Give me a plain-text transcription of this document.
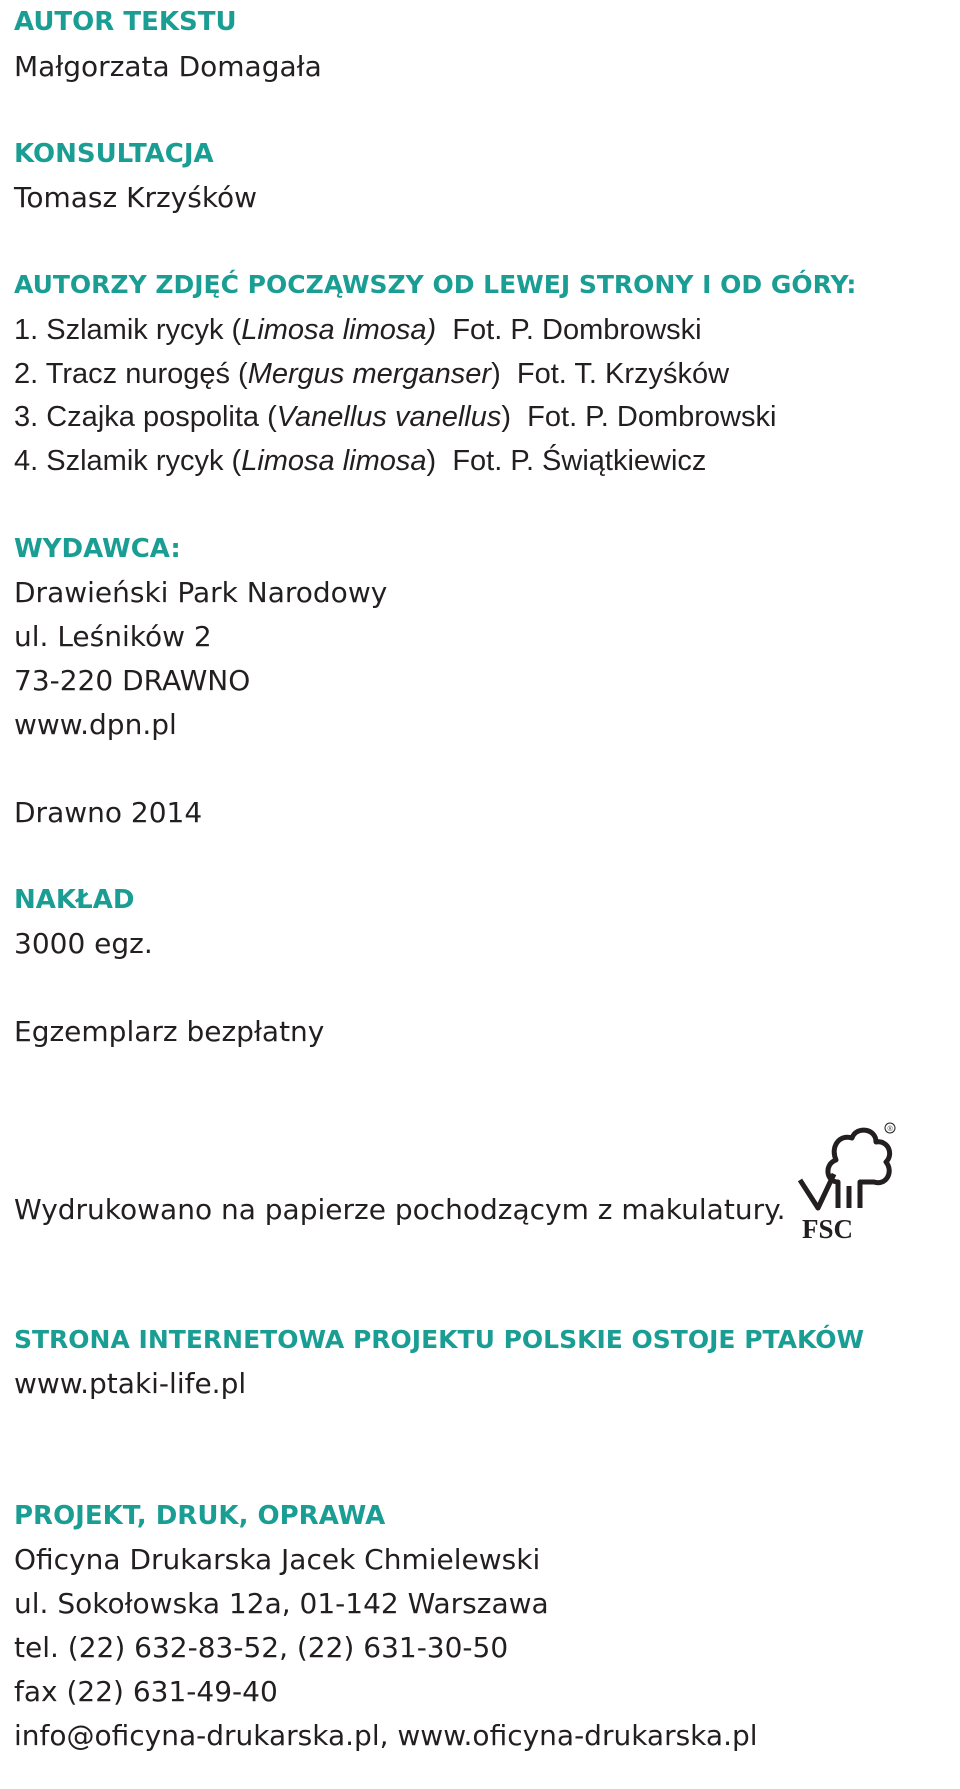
AUTOR TEKSTU
Małgorzata Domagała
KONSULTACJA
Tomasz Krzyśków
AUTORZY ZDJĘĆ POCZĄWSZY OD LEWEJ STRONY I OD GÓRY:
1. Szlamik rycyk (Limosa limosa) Fot. P. Dombrowski
2. Tracz nurogęś (Mergus merganser) Fot. T. Krzyśków
3. Czajka pospolita (Vanellus vanellus) Fot. P. Dombrowski
4. Szlamik rycyk (Limosa limosa) Fot. P. Świątkiewicz
WYDAWCA:
Drawieński Park Narodowy
ul. Leśników 2
73-220 DRAWNO
www.dpn.pl
Drawno 2014
NAKŁAD
3000 egz.
Egzemplarz bezpłatny
Wydrukowano na papierze pochodzącym z makulatury.
FSC
®
STRONA INTERNETOWA PROJEKTU POLSKIE OSTOJE PTAKÓW
www.ptaki-life.pl
PROJEKT, DRUK, OPRAWA
Oficyna Drukarska Jacek Chmielewski
ul. Sokołowska 12a, 01-142 Warszawa
tel. (22) 632-83-52, (22) 631-30-50
fax (22) 631-49-40
info@oficyna-drukarska.pl, www.oficyna-drukarska.pl
